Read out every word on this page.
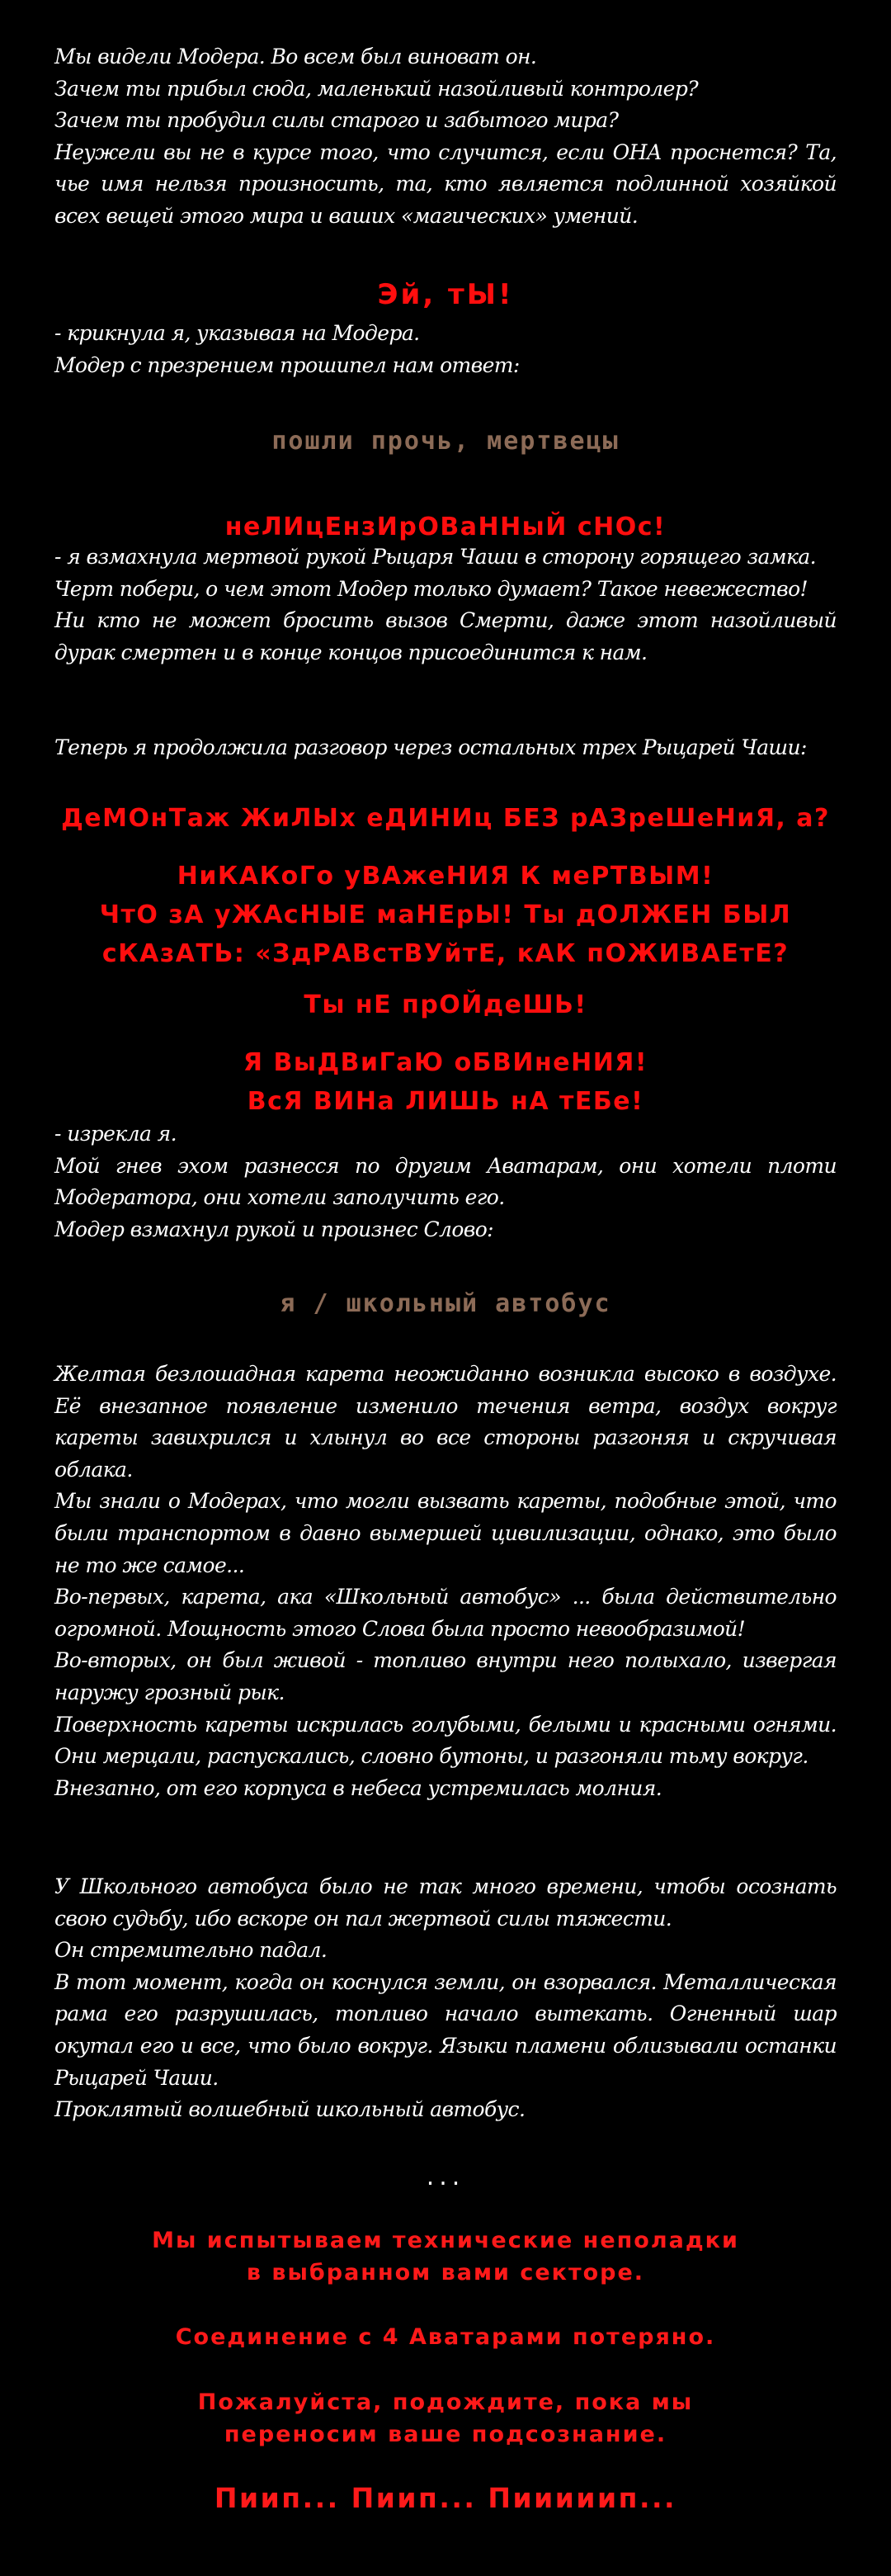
Мы видели Модера. Во всем был виноват он.
Зачем ты прибыл сюда, маленький назойливый контролер?
Зачем ты пробудил силы старого и забытого мира?
Неужели вы не в курсе того, что случится, если ОНА проснется? Та, чье имя нельзя произносить, та, кто является подлинной хозяйкой всех вещей этого мира и ваших «магических» умений.

Эй, тЫ!

- крикнула я, указывая на Модера.
Модер с презрением прошипел нам ответ:

пошли прочь, мертвецы

неЛИцЕнзИрОВаННыЙ сНОс!

- я взмахнула мертвой рукой Рыцаря Чаши в сторону горящего замка.
Черт побери, о чем этот Модер только думает? Такое невежество!
Ни кто не может бросить вызов Смерти, даже этот назойливый дурак смертен и в конце концов присоединится к нам.

Теперь я продолжила разговор через остальных трех Рыцарей Чаши:

ДеМОнТаж ЖиЛЫх еДИНИц БЕЗ рАЗреШеНиЯ, а?

НиКАКоГо уВАжеНИЯ К меРТВЫМ!
ЧтО зА уЖАсНЫЕ маНЕрЫ! Ты дОЛЖЕН БЫЛ сКАзАТЬ: «ЗдРАВстВУйтЕ, кАК пОЖИВАЕтЕ?

Ты нЕ прОЙдеШЬ!

Я ВыДВиГаЮ оБВИнеНИЯ!
ВсЯ ВИНа ЛИШЬ нА тЕБе!

- изрекла я.
Мой гнев эхом разнесся по другим Аватарам, они хотели плоти Модератора, они хотели заполучить его.
Модер взмахнул рукой и произнес Слово:

я / школьный автобус

Желтая безлошадная карета неожиданно возникла высоко в воздухе. Её внезапное появление изменило течения ветра, воздух вокруг кареты завихрился и хлынул во все стороны разгоняя и скручивая облака.
Мы знали о Модерах, что могли вызвать кареты, подобные этой, что были транспортом в давно вымершей цивилизации, однако, это было не то же самое...
Во-первых, карета, ака «Школьный автобус» ... была действительно огромной. Мощность этого Слова была просто невообразимой!
Во-вторых, он был живой - топливо внутри него полыхало, извергая наружу грозный рык.
Поверхность кареты искрилась голубыми, белыми и красными огнями. Они мерцали, распускались, словно бутоны, и разгоняли тьму вокруг.
Внезапно, от его корпуса в небеса устремилась молния.

У Школьного автобуса было не так много времени, чтобы осознать свою судьбу, ибо вскоре он пал жертвой силы тяжести.
Он стремительно падал.
В тот момент, когда он коснулся земли, он взорвался. Металлическая рама его разрушилась, топливо начало вытекать. Огненный шар окутал его и все, что было вокруг. Языки пламени облизывали останки Рыцарей Чаши.
Проклятый волшебный школьный автобус.

...

Мы испытываем технические неполадки
в выбранном вами секторе.

Соединение с 4 Аватарами потеряно.

Пожалуйста, подождите, пока мы
переносим ваше подсознание.

Пиип... Пиип... Пииииип...
